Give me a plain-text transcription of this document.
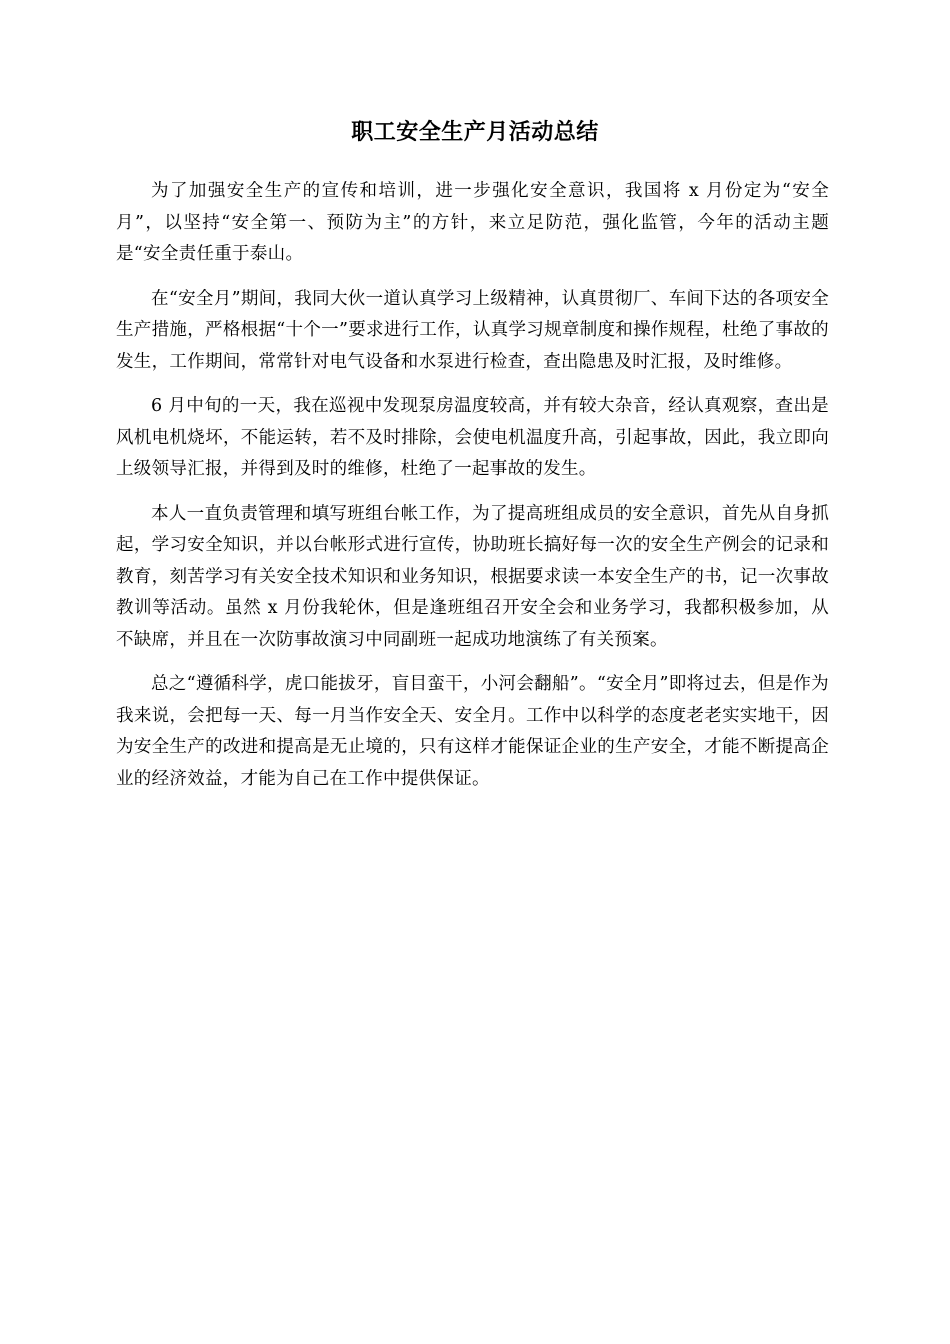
职工安全生产月活动总结

为了加强安全生产的宣传和培训，进一步强化安全意识，我国将 x 月份定为“安全月”，以坚持“安全第一、预防为主”的方针，来立足防范，强化监管，今年的活动主题是“安全责任重于泰山。

在“安全月”期间，我同大伙一道认真学习上级精神，认真贯彻厂、车间下达的各项安全生产措施，严格根据“十个一”要求进行工作，认真学习规章制度和操作规程，杜绝了事故的发生，工作期间，常常针对电气设备和水泵进行检查，查出隐患及时汇报，及时维修。

6 月中旬的一天，我在巡视中发现泵房温度较高，并有较大杂音，经认真观察，查出是风机电机烧坏，不能运转，若不及时排除，会使电机温度升高，引起事故，因此，我立即向上级领导汇报，并得到及时的维修，杜绝了一起事故的发生。

本人一直负责管理和填写班组台帐工作，为了提高班组成员的安全意识，首先从自身抓起，学习安全知识，并以台帐形式进行宣传，协助班长搞好每一次的安全生产例会的记录和教育，刻苦学习有关安全技术知识和业务知识，根据要求读一本安全生产的书，记一次事故教训等活动。虽然 x 月份我轮休，但是逢班组召开安全会和业务学习，我都积极参加，从不缺席，并且在一次防事故演习中同副班一起成功地演练了有关预案。

总之“遵循科学，虎口能拔牙，盲目蛮干，小河会翻船”。“安全月”即将过去，但是作为我来说，会把每一天、每一月当作安全天、安全月。工作中以科学的态度老老实实地干，因为安全生产的改进和提高是无止境的，只有这样才能保证企业的生产安全，才能不断提高企业的经济效益，才能为自己在工作中提供保证。
